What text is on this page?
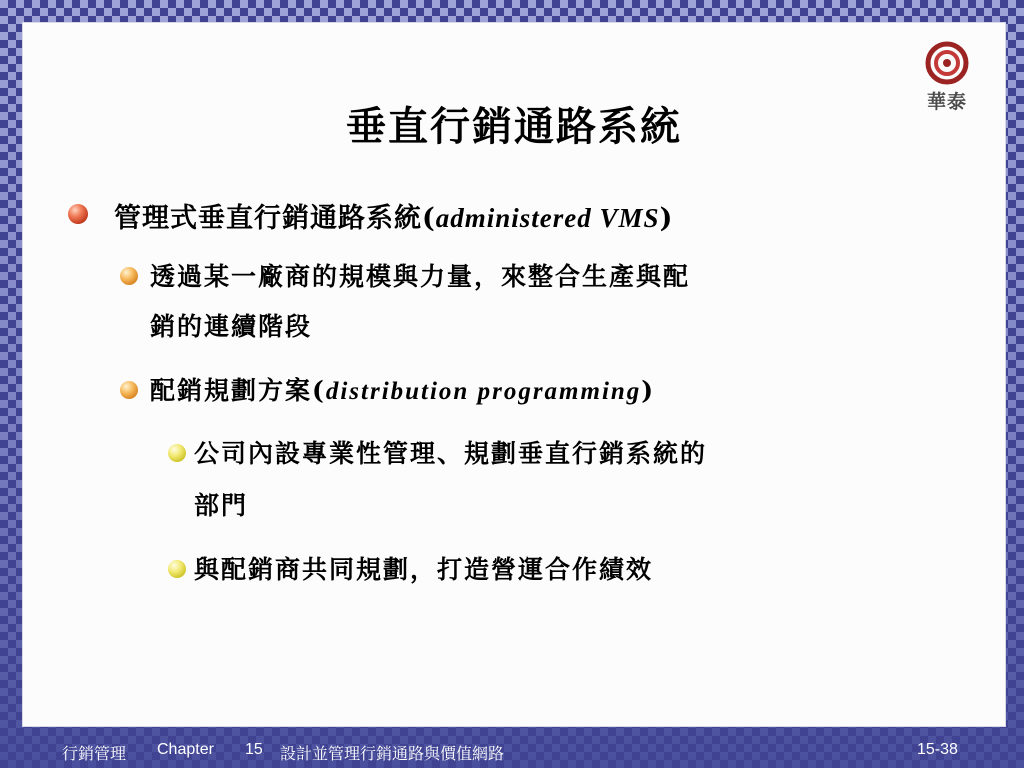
華泰
垂直行銷通路系統
管理式垂直行銷通路系統(administered VMS)
透過某一廠商的規模與力量，來整合生產與配
銷的連續階段
配銷規劃方案(distribution programming)
公司內設專業性管理、規劃垂直行銷系統的
部門
與配銷商共同規劃，打造營運合作績效
行銷管理 Chapter 15 設計並管理行銷通路與價值網路	15-38
